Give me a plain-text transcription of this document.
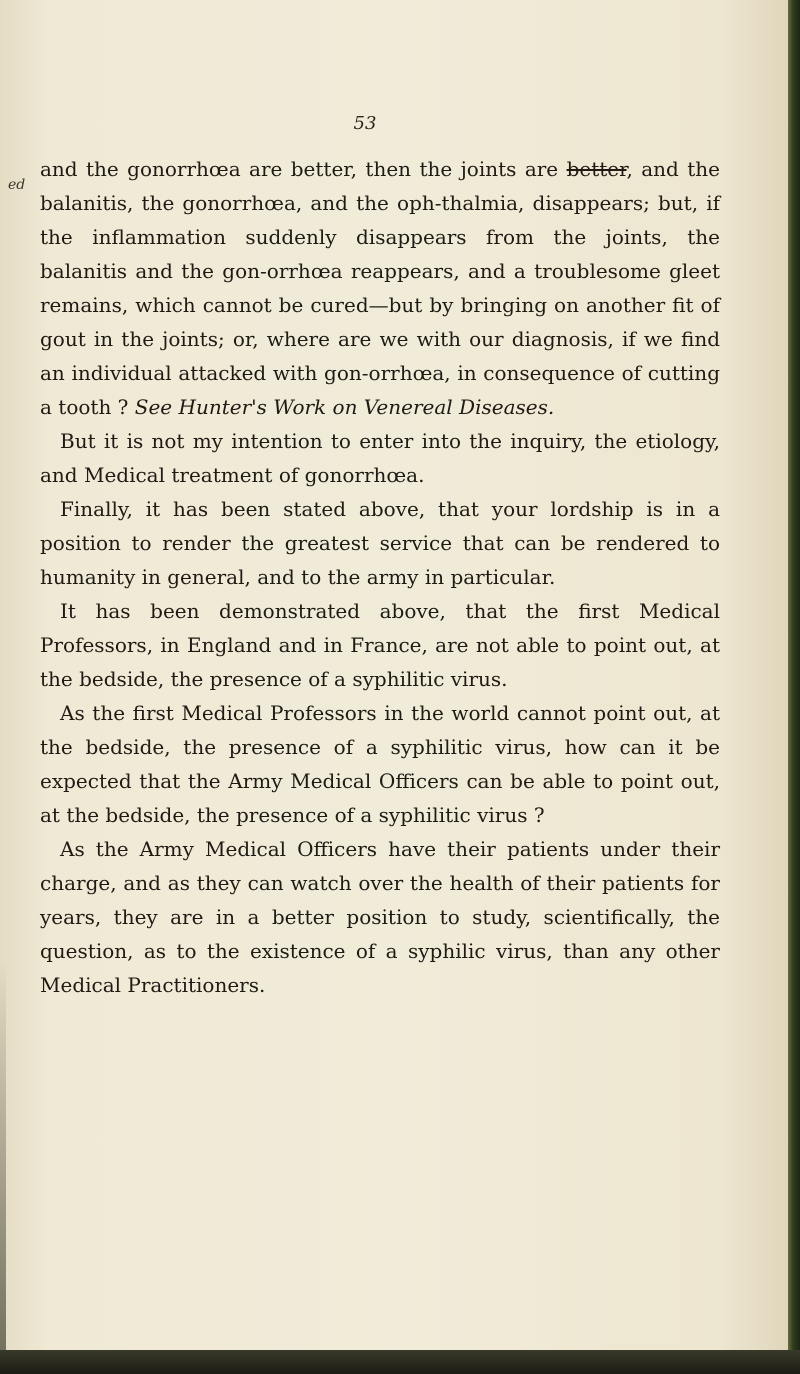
53
ed

and the gonorrhœa are better, then the joints are better, and the balanitis, the gonorrhœa, and the oph-thalmia, disappears; but, if the inflammation suddenly disappears from the joints, the balanitis and the gon-orrhœa reappears, and a troublesome gleet remains, which cannot be cured—but by bringing on another fit of gout in the joints; or, where are we with our diagnosis, if we find an individual attacked with gon-orrhœa, in consequence of cutting a tooth ? See Hunter's Work on Venereal Diseases.

But it is not my intention to enter into the inquiry, the etiology, and Medical treatment of gonorrhœa.

Finally, it has been stated above, that your lordship is in a position to render the greatest service that can be rendered to humanity in general, and to the army in particular.

It has been demonstrated above, that the first Medical Professors, in England and in France, are not able to point out, at the bedside, the presence of a syphilitic virus.

As the first Medical Professors in the world cannot point out, at the bedside, the presence of a syphilitic virus, how can it be expected that the Army Medical Officers can be able to point out, at the bedside, the presence of a syphilitic virus ?

As the Army Medical Officers have their patients under their charge, and as they can watch over the health of their patients for years, they are in a better position to study, scientifically, the question, as to the existence of a syphilic virus, than any other Medical Practitioners.
